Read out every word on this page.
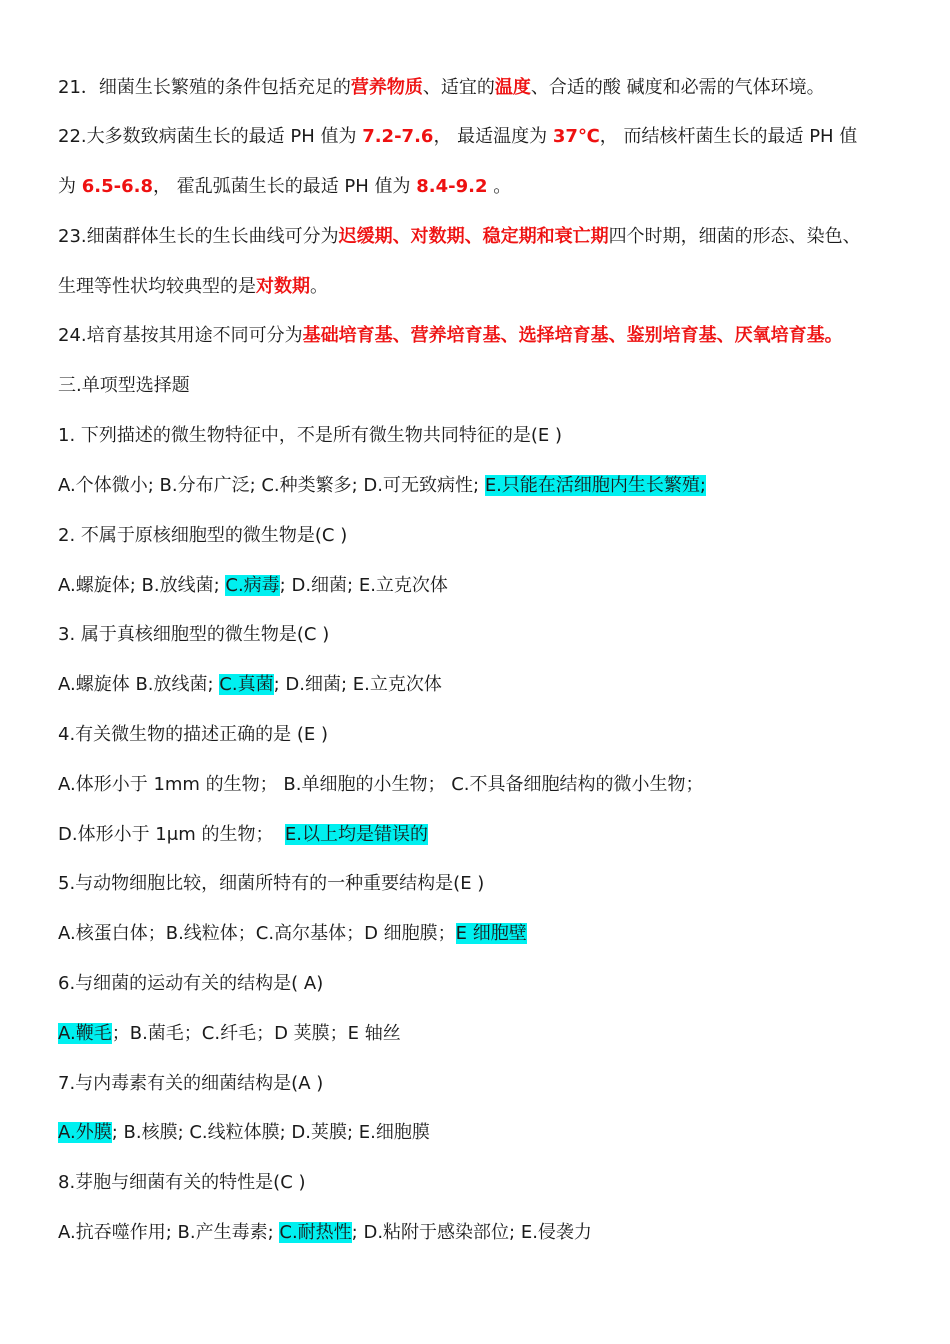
21．细菌生长繁殖的条件包括充足的营养物质、适宜的温度、合适的酸 碱度和必需的气体环境。
22.大多数致病菌生长的最适 PH 值为 7.2-7.6， 最适温度为 37℃， 而结核杆菌生长的最适 PH 值
为 6.5-6.8， 霍乱弧菌生长的最适 PH 值为 8.4-9.2 。
23.细菌群体生长的生长曲线可分为迟缓期、对数期、稳定期和衰亡期四个时期，细菌的形态、染色、
生理等性状均较典型的是对数期。
24.培育基按其用途不同可分为基础培育基、营养培育基、选择培育基、鉴别培育基、厌氧培育基。
三.单项型选择题
1. 下列描述的微生物特征中，不是所有微生物共同特征的是(E )
A.个体微小; B.分布广泛; C.种类繁多; D.可无致病性; E.只能在活细胞内生长繁殖;
2. 不属于原核细胞型的微生物是(C )
A.螺旋体; B.放线菌; C.病毒; D.细菌; E.立克次体
3. 属于真核细胞型的微生物是(C )
A.螺旋体 B.放线菌; C.真菌; D.细菌; E.立克次体
4.有关微生物的描述正确的是 (E )
A.体形小于 1mm 的生物； B.单细胞的小生物； C.不具备细胞结构的微小生物；
D.体形小于 1μm 的生物；  E.以上均是错误的
5.与动物细胞比较，细菌所特有的一种重要结构是(E )
A.核蛋白体；B.线粒体；C.高尔基体；D 细胞膜；E 细胞壁
6.与细菌的运动有关的结构是( A)
A.鞭毛；B.菌毛；C.纤毛；D 荚膜；E 轴丝
7.与内毒素有关的细菌结构是(A )
A.外膜; B.核膜; C.线粒体膜; D.荚膜; E.细胞膜
8.芽胞与细菌有关的特性是(C )
A.抗吞噬作用; B.产生毒素; C.耐热性; D.粘附于感染部位; E.侵袭力
